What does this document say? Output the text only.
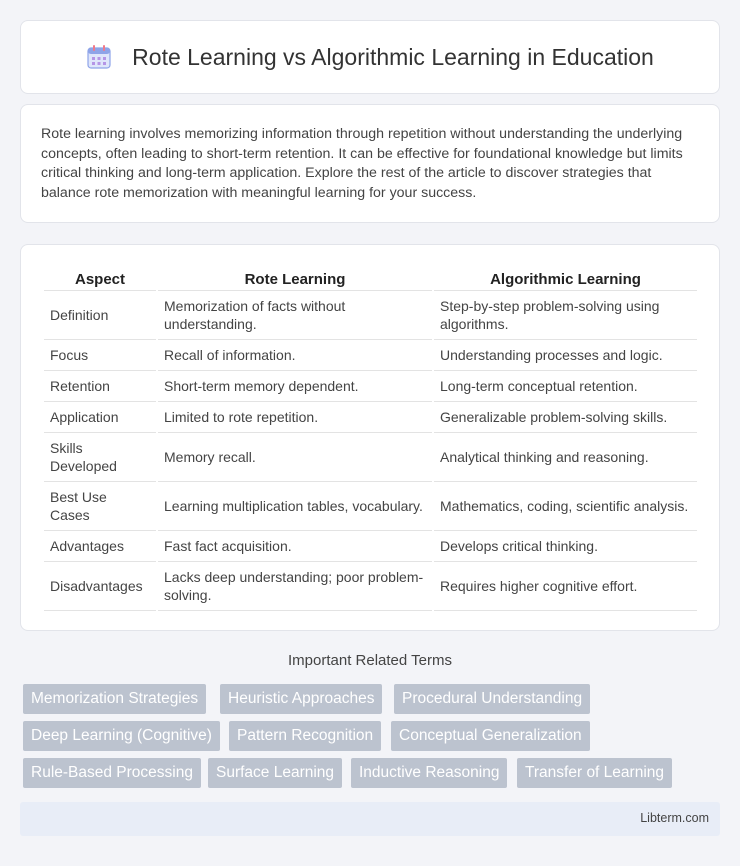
Rote Learning vs Algorithmic Learning in Education

Rote learning involves memorizing information through repetition without understanding the underlying concepts, often leading to short-term retention. It can be effective for foundational knowledge but limits critical thinking and long-term application. Explore the rest of the article to discover strategies that balance rote memorization with meaningful learning for your success.

Aspect	Rote Learning	Algorithmic Learning
Definition	Memorization of facts without understanding.	Step-by-step problem-solving using algorithms.
Focus	Recall of information.	Understanding processes and logic.
Retention	Short-term memory dependent.	Long-term conceptual retention.
Application	Limited to rote repetition.	Generalizable problem-solving skills.
Skills Developed	Memory recall.	Analytical thinking and reasoning.
Best Use Cases	Learning multiplication tables, vocabulary.	Mathematics, coding, scientific analysis.
Advantages	Fast fact acquisition.	Develops critical thinking.
Disadvantages	Lacks deep understanding; poor problem-solving.	Requires higher cognitive effort.
Important Related Terms
Memorization Strategies	Heuristic Approaches	Procedural Understanding
Deep Learning (Cognitive)	Pattern Recognition	Conceptual Generalization
Rule-Based Processing	Surface Learning	Inductive Reasoning	Transfer of Learning
Libterm.com
